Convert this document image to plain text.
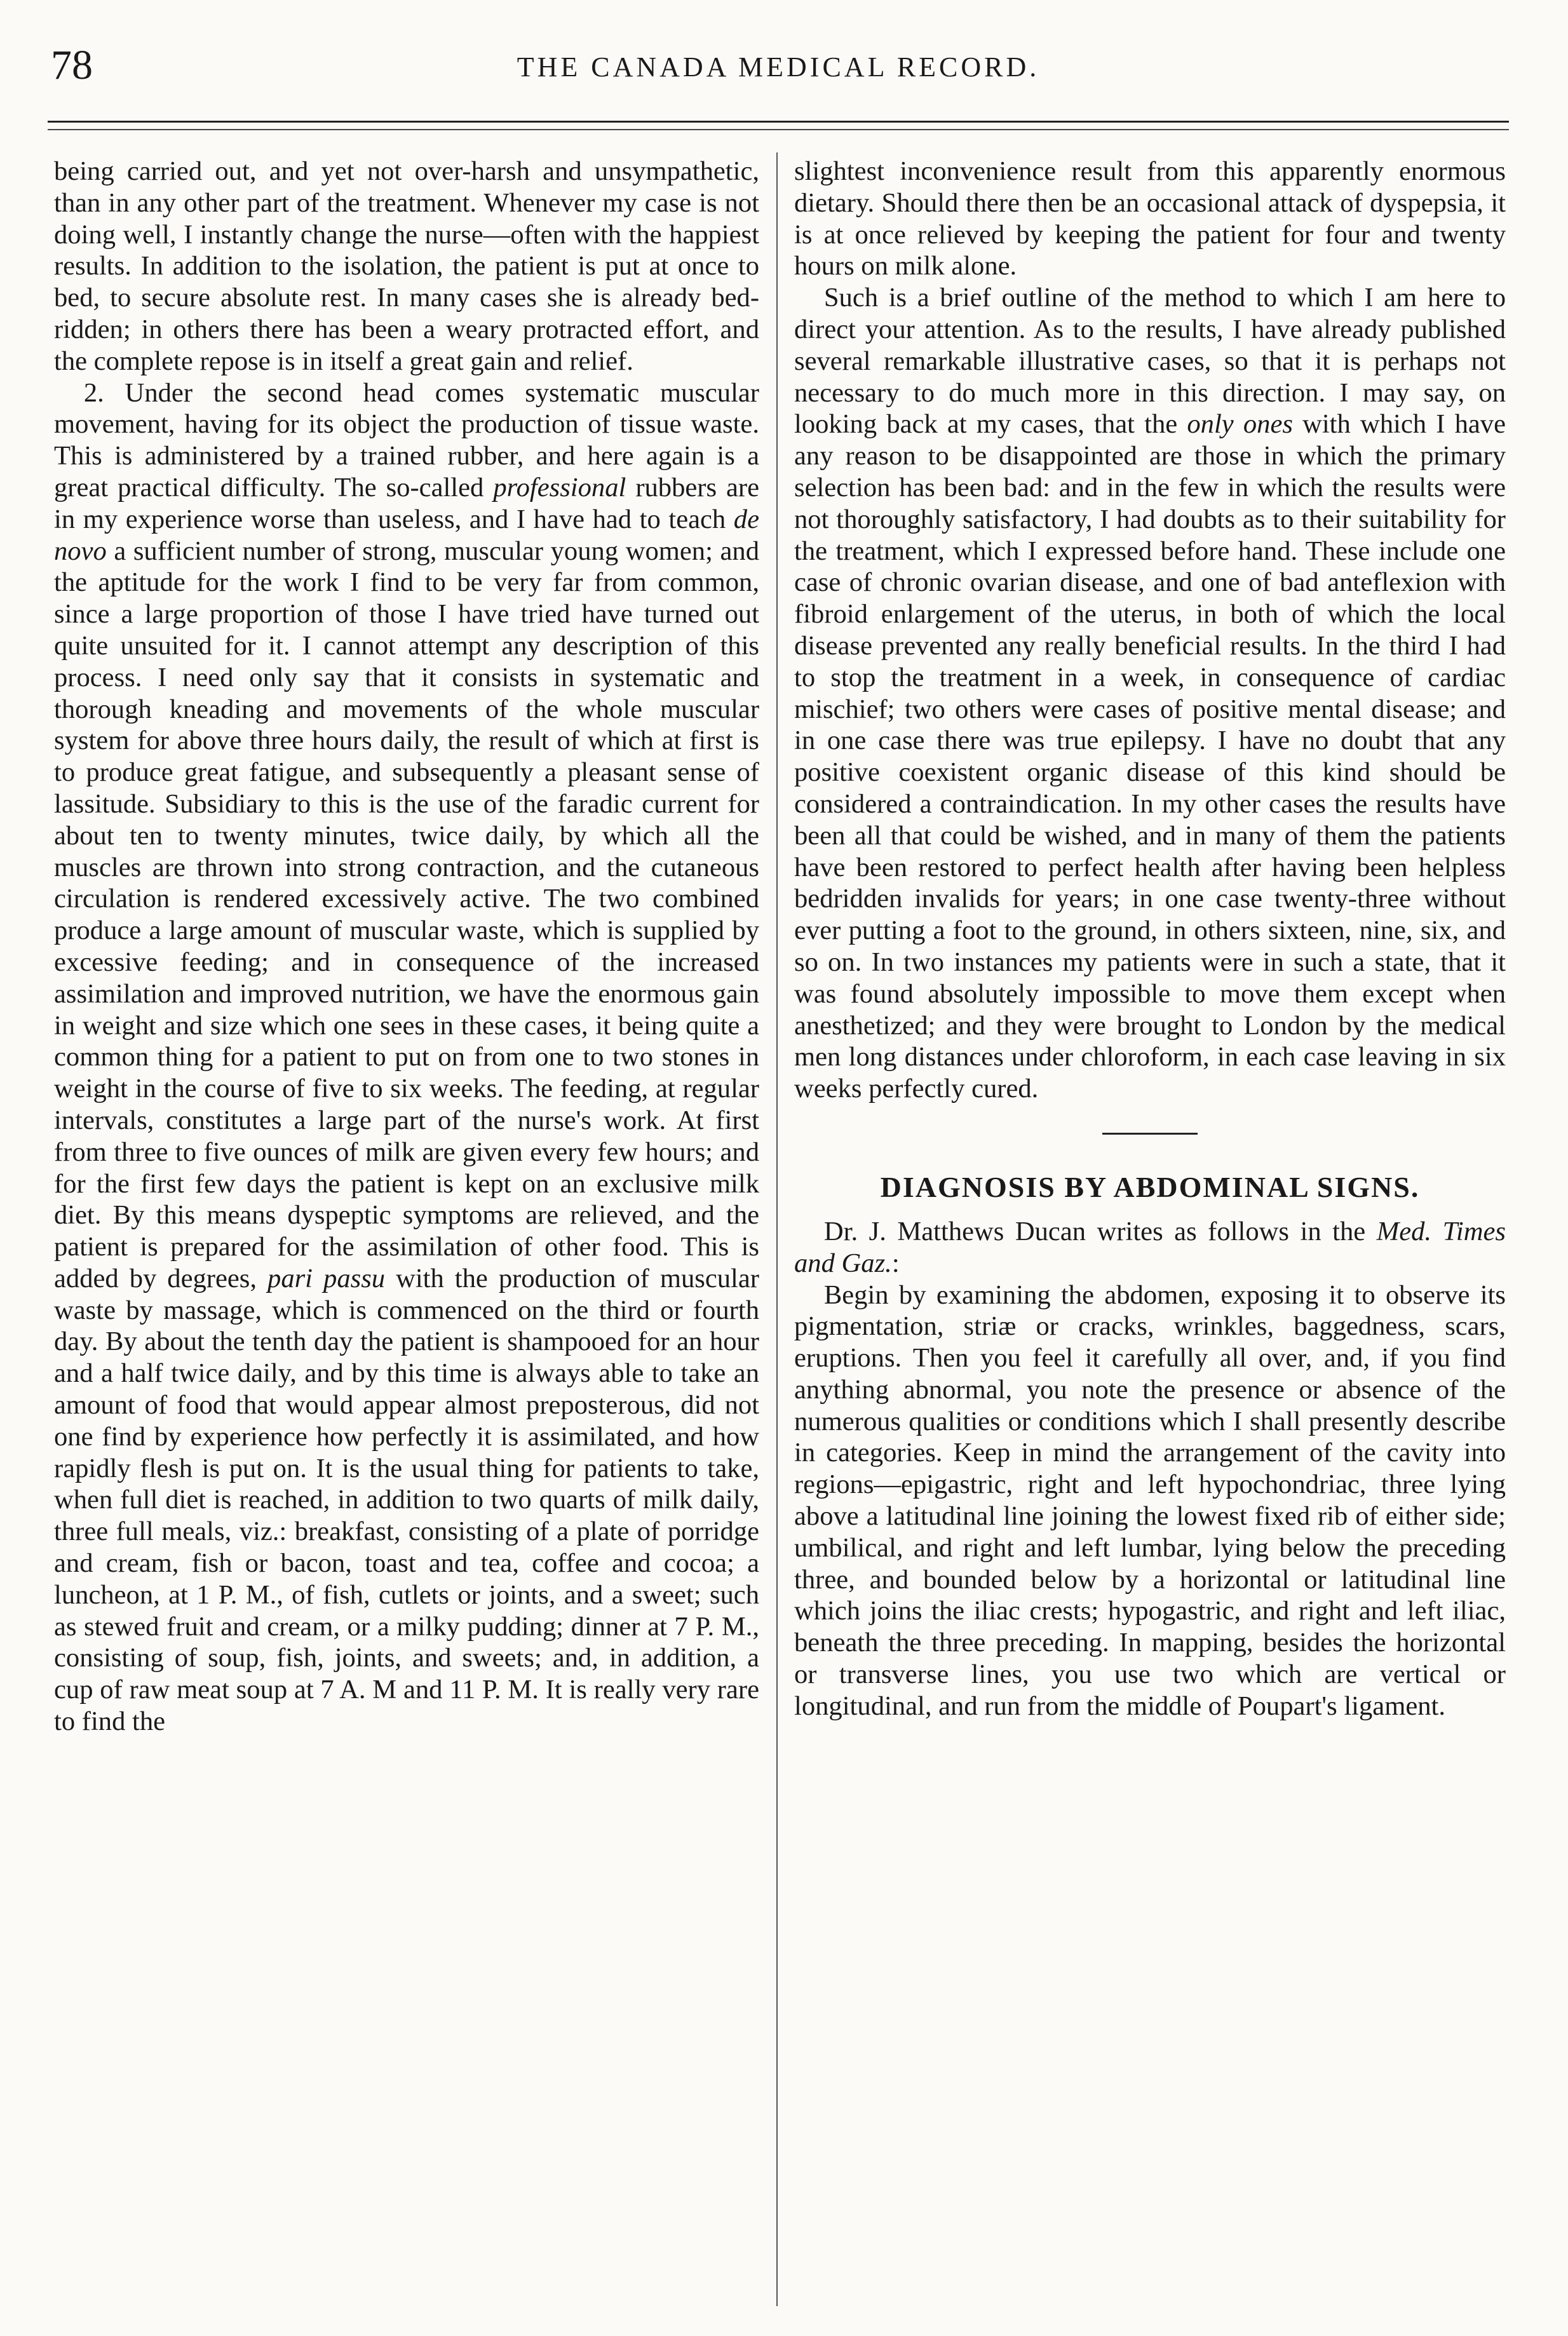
78	THE CANADA MEDICAL RECORD.

being carried out, and yet not over-harsh and unsympathetic, than in any other part of the treatment. Whenever my case is not doing well, I instantly change the nurse—often with the happiest results. In addition to the isolation, the patient is put at once to bed, to secure absolute rest. In many cases she is already bed-ridden; in others there has been a weary protracted effort, and the complete repose is in itself a great gain and relief.

2. Under the second head comes systematic muscular movement, having for its object the production of tissue waste. This is administered by a trained rubber, and here again is a great practical difficulty. The so-called professional rubbers are in my experience worse than useless, and I have had to teach de novo a sufficient number of strong, muscular young women; and the aptitude for the work I find to be very far from common, since a large proportion of those I have tried have turned out quite unsuited for it. I cannot attempt any description of this process. I need only say that it consists in systematic and thorough kneading and movements of the whole muscular system for above three hours daily, the result of which at first is to produce great fatigue, and subsequently a pleasant sense of lassitude. Subsidiary to this is the use of the faradic current for about ten to twenty minutes, twice daily, by which all the muscles are thrown into strong contraction, and the cutaneous circulation is rendered excessively active. The two combined produce a large amount of muscular waste, which is supplied by excessive feeding; and in consequence of the increased assimilation and improved nutrition, we have the enormous gain in weight and size which one sees in these cases, it being quite a common thing for a patient to put on from one to two stones in weight in the course of five to six weeks. The feeding, at regular intervals, constitutes a large part of the nurse's work. At first from three to five ounces of milk are given every few hours; and for the first few days the patient is kept on an exclusive milk diet. By this means dyspeptic symptoms are relieved, and the patient is prepared for the assimilation of other food. This is added by degrees, pari passu with the production of muscular waste by massage, which is commenced on the third or fourth day. By about the tenth day the patient is shampooed for an hour and a half twice daily, and by this time is always able to take an amount of food that would appear almost preposterous, did not one find by experience how perfectly it is assimilated, and how rapidly flesh is put on. It is the usual thing for patients to take, when full diet is reached, in addition to two quarts of milk daily, three full meals, viz.: breakfast, consisting of a plate of porridge and cream, fish or bacon, toast and tea, coffee and cocoa; a luncheon, at 1 P. M., of fish, cutlets or joints, and a sweet; such as stewed fruit and cream, or a milky pudding; dinner at 7 P. M., consisting of soup, fish, joints, and sweets; and, in addition, a cup of raw meat soup at 7 A. M and 11 P. M. It is really very rare to find the

slightest inconvenience result from this apparently enormous dietary. Should there then be an occasional attack of dyspepsia, it is at once relieved by keeping the patient for four and twenty hours on milk alone.

Such is a brief outline of the method to which I am here to direct your attention. As to the results, I have already published several remarkable illustrative cases, so that it is perhaps not necessary to do much more in this direction. I may say, on looking back at my cases, that the only ones with which I have any reason to be disappointed are those in which the primary selection has been bad: and in the few in which the results were not thoroughly satisfactory, I had doubts as to their suitability for the treatment, which I expressed before hand. These include one case of chronic ovarian disease, and one of bad anteflexion with fibroid enlargement of the uterus, in both of which the local disease prevented any really beneficial results. In the third I had to stop the treatment in a week, in consequence of cardiac mischief; two others were cases of positive mental disease; and in one case there was true epilepsy. I have no doubt that any positive coexistent organic disease of this kind should be considered a contraindication. In my other cases the results have been all that could be wished, and in many of them the patients have been restored to perfect health after having been helpless bedridden invalids for years; in one case twenty-three without ever putting a foot to the ground, in others sixteen, nine, six, and so on. In two instances my patients were in such a state, that it was found absolutely impossible to move them except when anesthetized; and they were brought to London by the medical men long distances under chloroform, in each case leaving in six weeks perfectly cured.

DIAGNOSIS BY ABDOMINAL SIGNS.

Dr. J. Matthews Ducan writes as follows in the Med. Times and Gaz.:

Begin by examining the abdomen, exposing it to observe its pigmentation, striæ or cracks, wrinkles, baggedness, scars, eruptions. Then you feel it carefully all over, and, if you find anything abnormal, you note the presence or absence of the numerous qualities or conditions which I shall presently describe in categories. Keep in mind the arrangement of the cavity into regions—epigastric, right and left hypochondriac, three lying above a latitudinal line joining the lowest fixed rib of either side; umbilical, and right and left lumbar, lying below the preceding three, and bounded below by a horizontal or latitudinal line which joins the iliac crests; hypogastric, and right and left iliac, beneath the three preceding. In mapping, besides the horizontal or transverse lines, you use two which are vertical or longitudinal, and run from the middle of Poupart's ligament.
